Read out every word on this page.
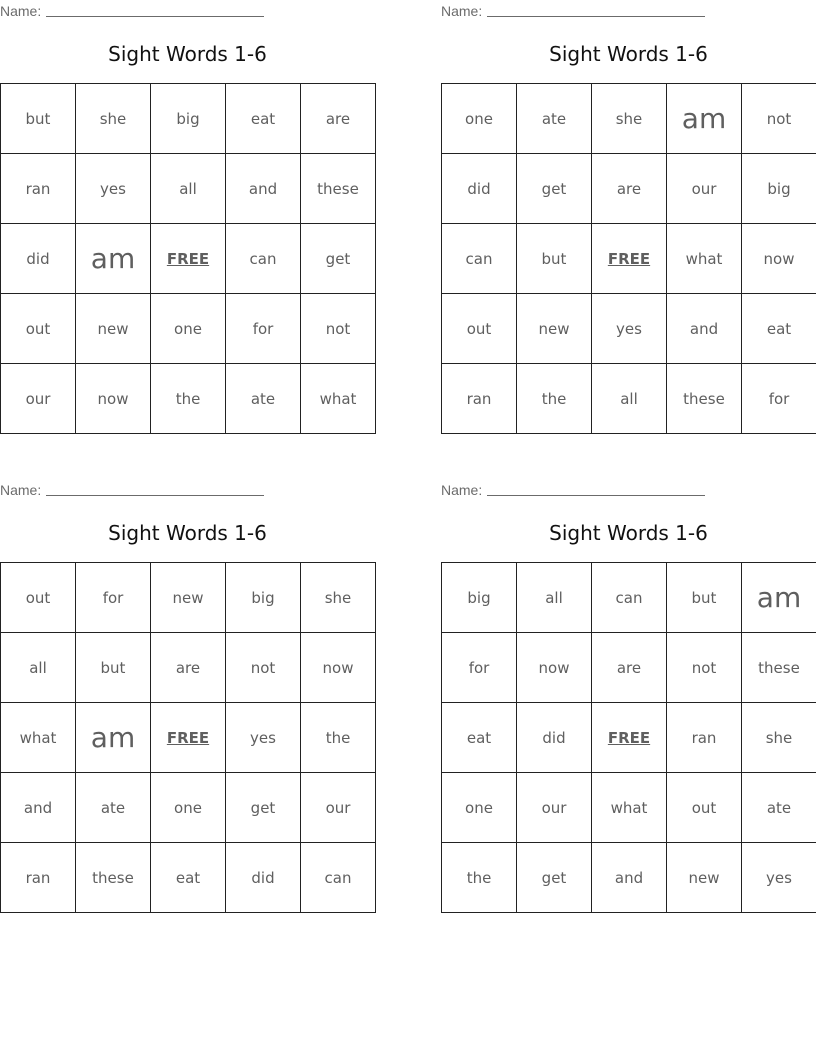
Name:
Sight Words 1-6
but	she	big	eat	are
ran	yes	all	and	these
did	am	FREE	can	get
out	new	one	for	not
our	now	the	ate	what
Name:
Sight Words 1-6
one	ate	she	am	not
did	get	are	our	big
can	but	FREE	what	now
out	new	yes	and	eat
ran	the	all	these	for
Name:
Sight Words 1-6
out	for	new	big	she
all	but	are	not	now
what	am	FREE	yes	the
and	ate	one	get	our
ran	these	eat	did	can
Name:
Sight Words 1-6
big	all	can	but	am
for	now	are	not	these
eat	did	FREE	ran	she
one	our	what	out	ate
the	get	and	new	yes
